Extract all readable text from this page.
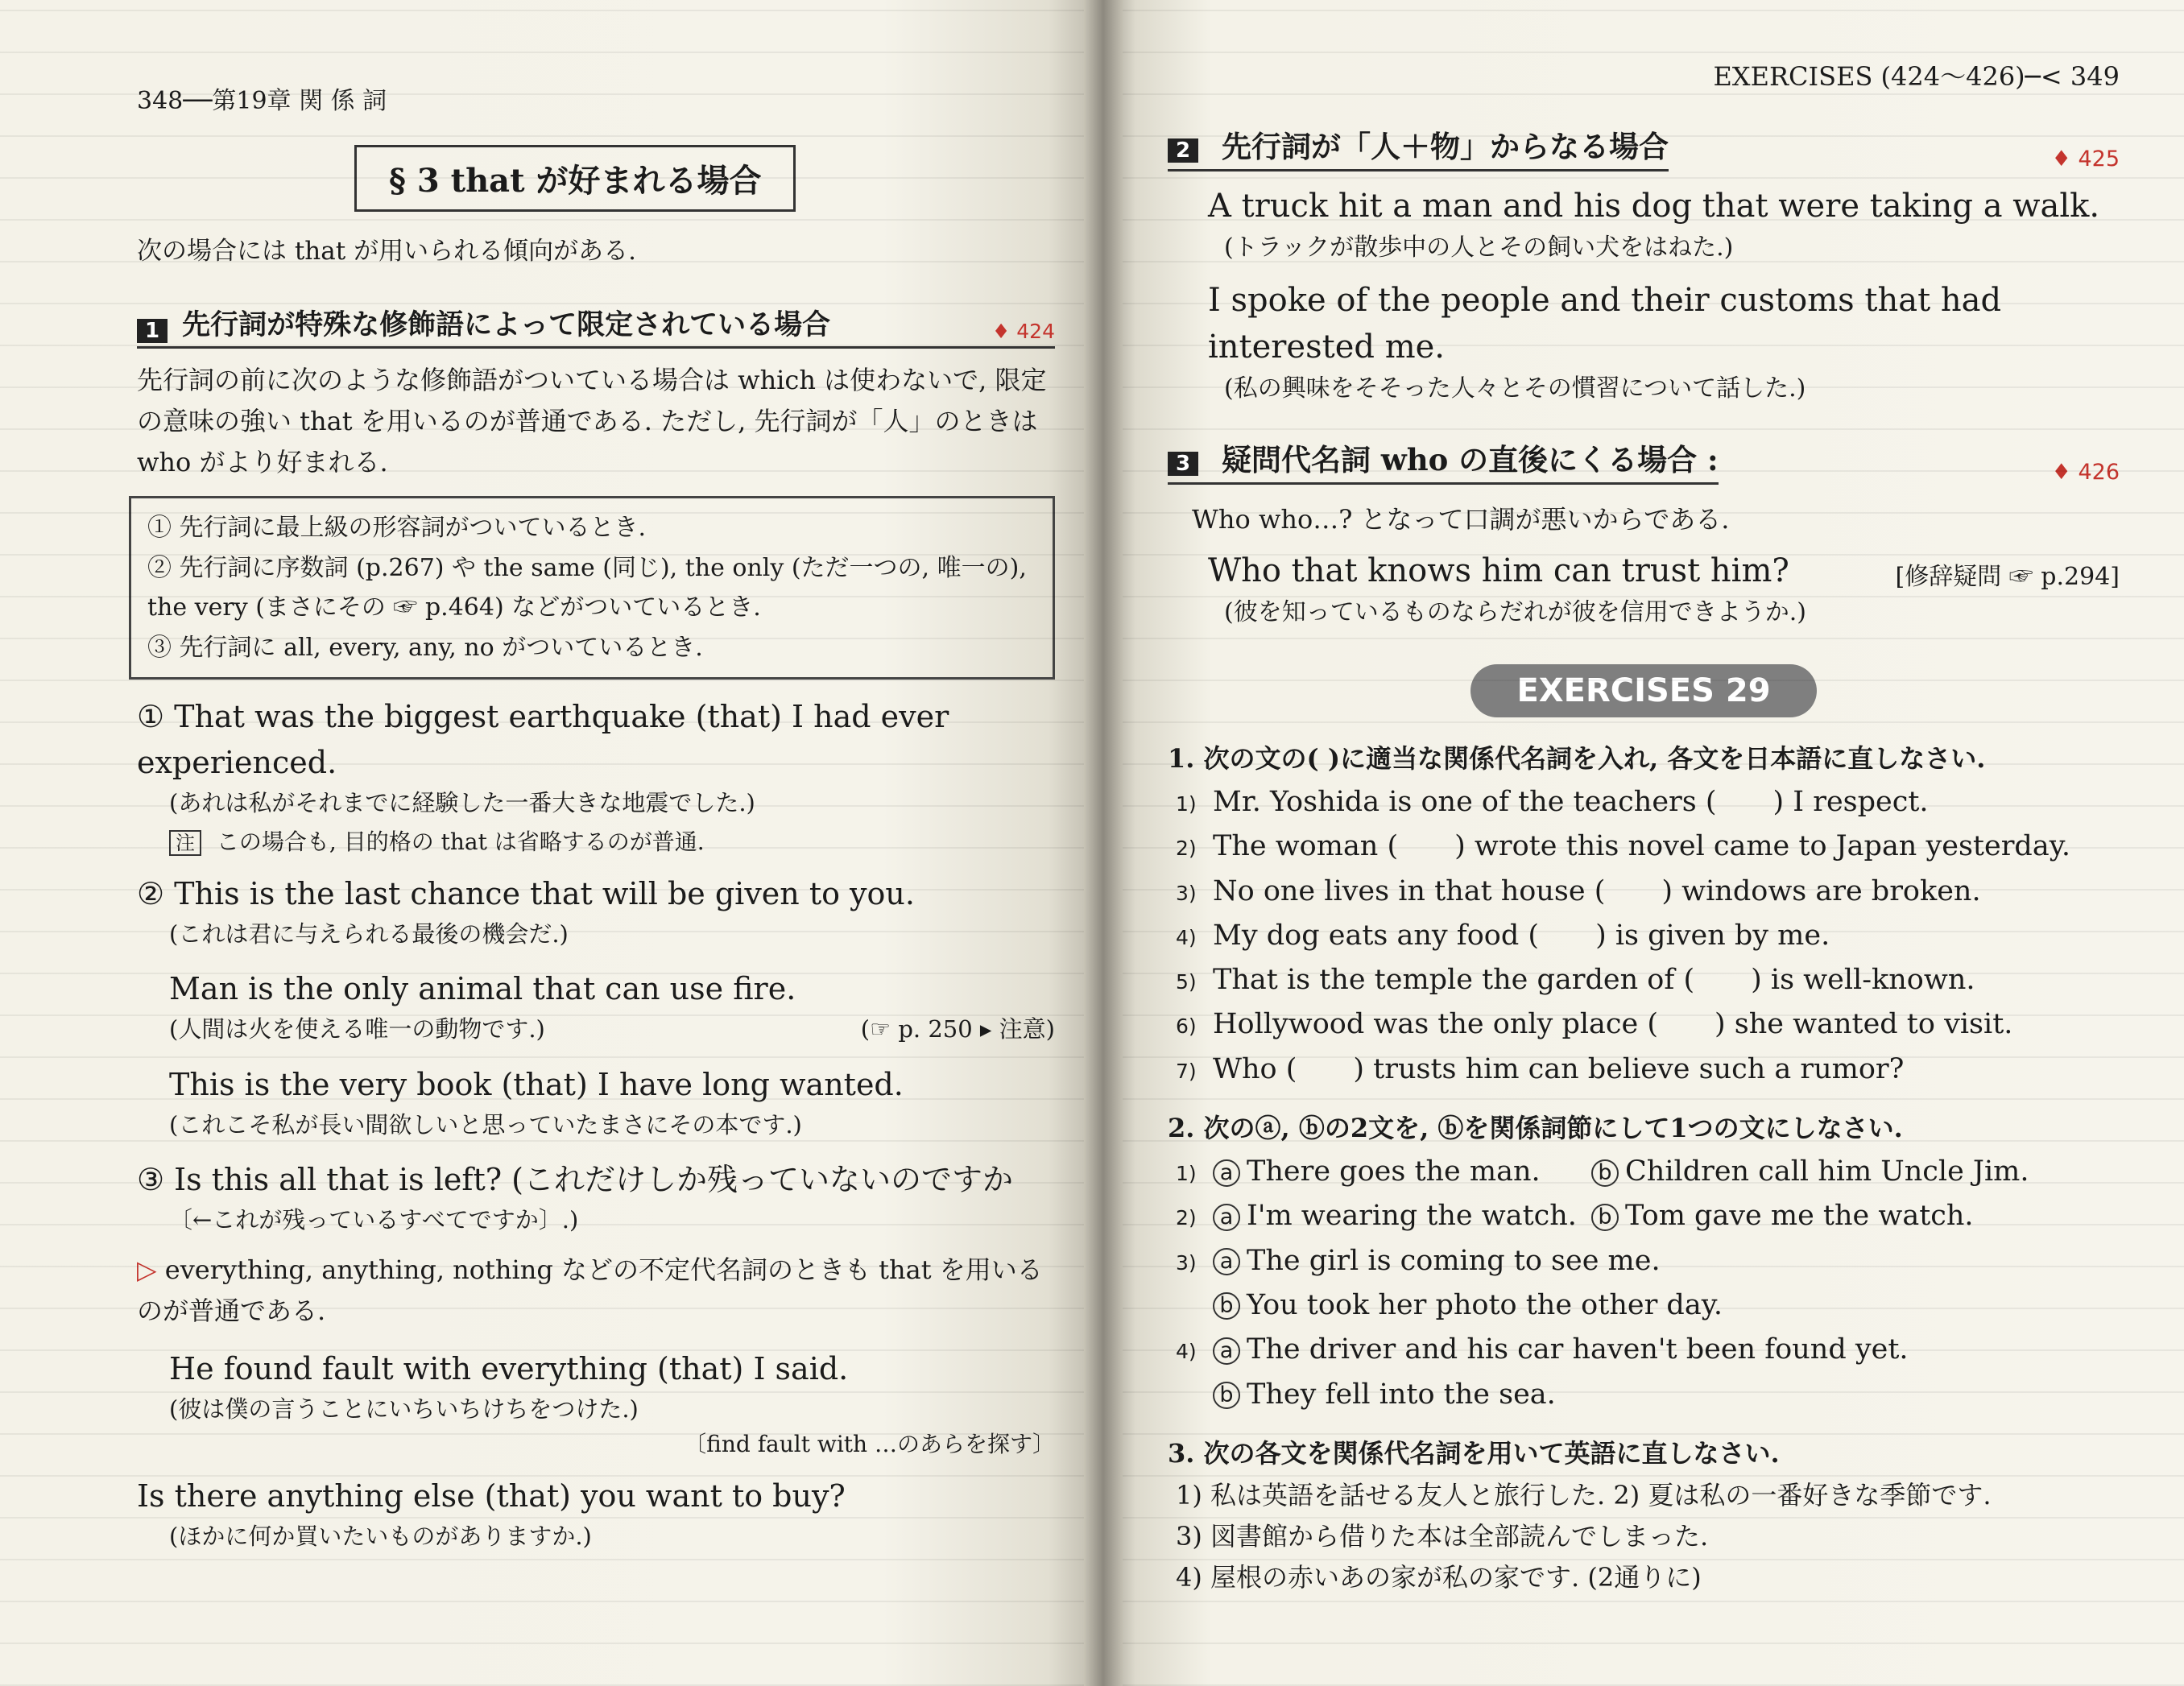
348──第19章 関 係 詞
§ 3 that が好まれる場合

次の場合には that が用いられる傾向がある.

1 先行詞が特殊な修飾語によって限定されている場合	♦ 424

先行詞の前に次のような修飾語がついている場合は which は使わないで, 限定の意味の強い that を用いるのが普通である. ただし, 先行詞が「人」のときは who がより好まれる.

① 先行詞に最上級の形容詞がついているとき.
② 先行詞に序数詞 (p.267) や the same (同じ), the only (ただ一つの, 唯一の), the very (まさにその ☞ p.464) などがついているとき.
③ 先行詞に all, every, any, no がついているとき.

① That was the biggest earthquake (that) I had ever experienced.

(あれは私がそれまでに経験した一番大きな地震でした.)

注 この場合も, 目的格の that は省略するのが普通.

② This is the last chance that will be given to you.

(これは君に与えられる最後の機会だ.)

Man is the only animal that can use fire.

(人間は火を使える唯一の動物です.)	(☞ p. 250 ▸ 注意)

This is the very book (that) I have long wanted.

(これこそ私が長い間欲しいと思っていたまさにその本です.)

③ Is this all that is left? (これだけしか残っていないのですか

〔←これが残っているすべてですか〕.)

▷ everything, anything, nothing などの不定代名詞のときも that を用いるのが普通である.

He found fault with everything (that) I said.

(彼は僕の言うことにいちいちけちをつけた.)

〔find fault with …のあらを探す〕

Is there anything else (that) you want to buy?

(ほかに何か買いたいものがありますか.)

EXERCISES (424〜426)─< 349
2 先行詞が「人＋物」からなる場合	♦ 425

A truck hit a man and his dog that were taking a walk.

(トラックが散歩中の人とその飼い犬をはねた.)

I spoke of the people and their customs that had interested me.

(私の興味をそそった人々とその慣習について話した.)

3 疑問代名詞 who の直後にくる場合 :	♦ 426

Who who…? となって口調が悪いからである.

Who that knows him can trust him?	[修辞疑問 ☞ p.294]

(彼を知っているものならだれが彼を信用できようか.)

EXERCISES 29

1. 次の文の( )に適当な関係代名詞を入れ, 各文を日本語に直しなさい.

1) Mr. Yoshida is one of the teachers (　　) I respect.
2) The woman (　　) wrote this novel came to Japan yesterday.
3) No one lives in that house (　　) windows are broken.
4) My dog eats any food (　　) is given by me.
5) That is the temple the garden of (　　) is well-known.
6) Hollywood was the only place (　　) she wanted to visit.
7) Who (　　) trusts him can believe such a rumor?

2. 次のⓐ, ⓑの2文を, ⓑを関係詞節にして1つの文にしなさい.

1)	a There goes the man.	b Children call him Uncle Jim.
2)	a I'm wearing the watch. b Tom gave me the watch.
3)	a The girl is coming to see me.
b You took her photo the other day.
4)	a The driver and his car haven't been found yet.
b They fell into the sea.

3. 次の各文を関係代名詞を用いて英語に直しなさい.

1) 私は英語を話せる友人と旅行した. 2) 夏は私の一番好きな季節です.
3) 図書館から借りた本は全部読んでしまった.
4) 屋根の赤いあの家が私の家です. (2通りに)
